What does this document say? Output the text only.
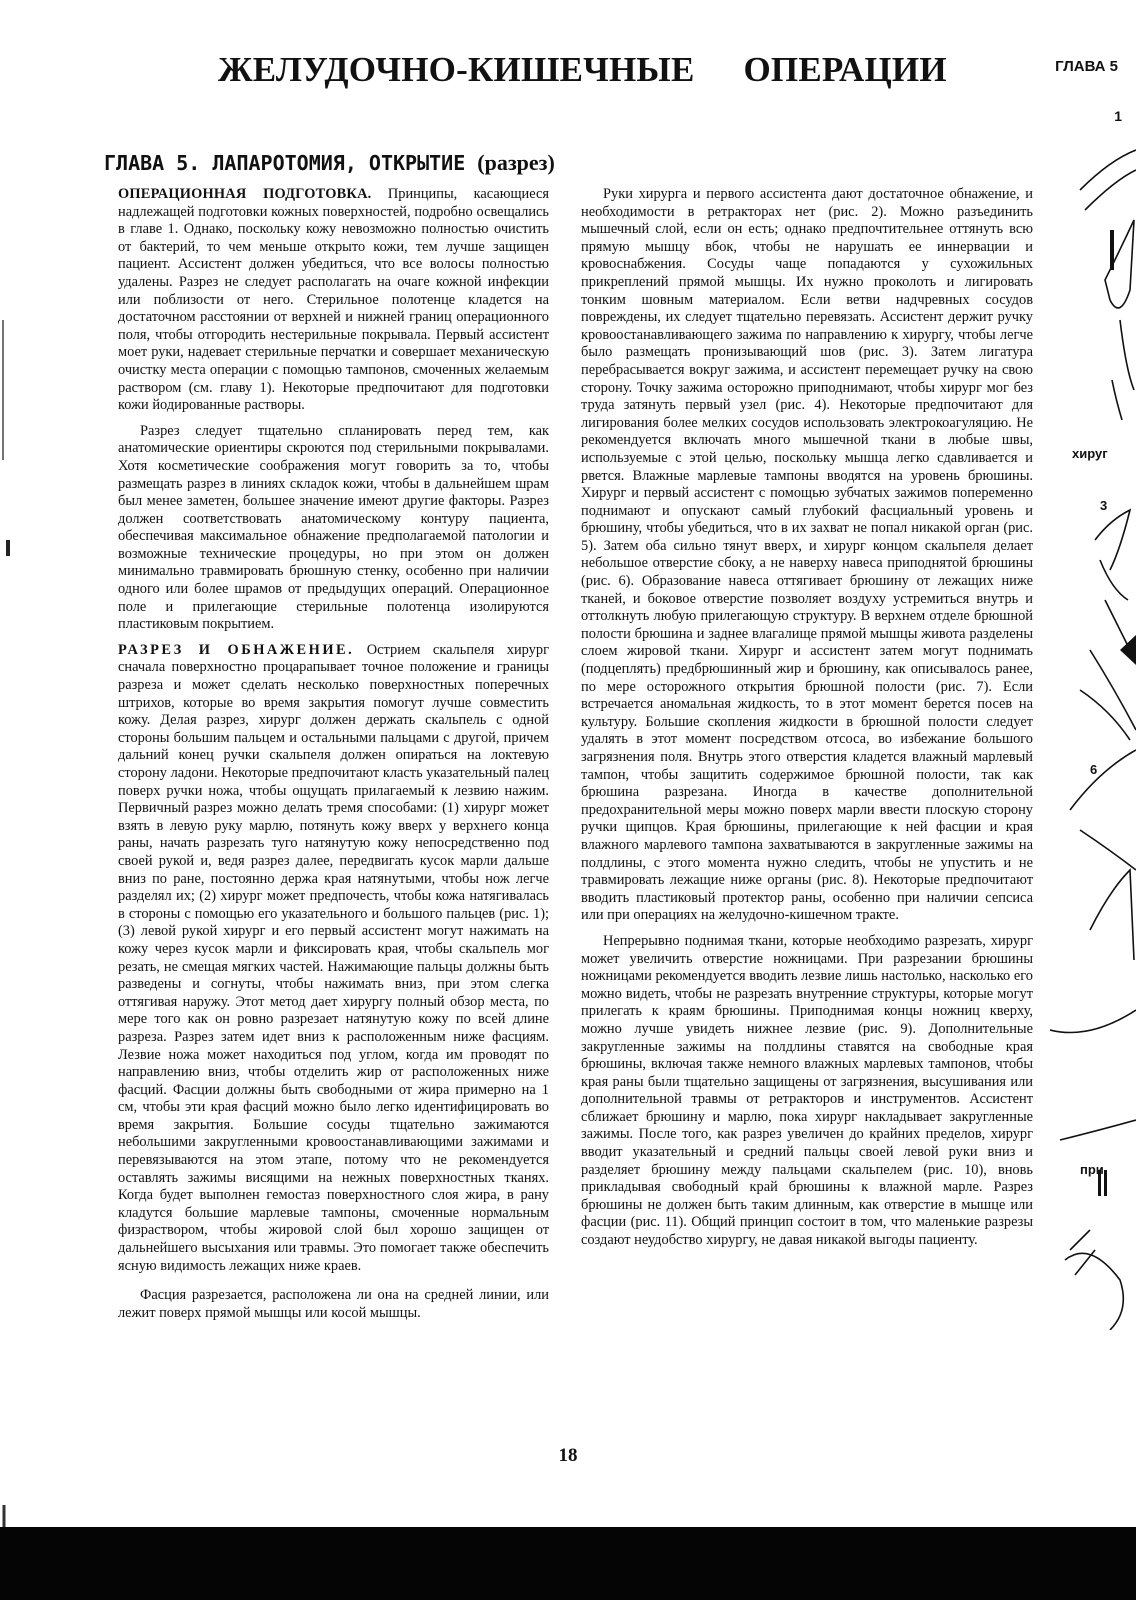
ЖЕЛУДОЧНО-КИШЕЧНЫЕ ОПЕРАЦИИ	ГЛАВА 5
1
ГЛАВА 5. ЛАПАРОТОМИЯ, ОТКРЫТИЕ (разрез)

ОПЕРАЦИОННАЯ ПОДГОТОВКА. Принципы, касающиеся надлежащей подготовки кожных поверхностей, подробно освещались в главе 1. Однако, поскольку кожу невозможно полностью очистить от бактерий, то чем меньше открыто кожи, тем лучше защищен пациент. Ассистент должен убедиться, что все волосы полностью удалены. Разрез не следует располагать на очаге кожной инфекции или поблизости от него. Стерильное полотенце кладется на достаточном расстоянии от верхней и нижней границ операционного поля, чтобы отгородить нестерильные покрывала. Первый ассистент моет руки, надевает стерильные перчатки и совершает механическую очистку места операции с помощью тампонов, смоченных желаемым раствором (см. главу 1). Некоторые предпочитают для подготовки кожи йодированные растворы.

Разрез следует тщательно спланировать перед тем, как анатомические ориентиры скроются под стерильными покрывалами. Хотя косметические соображения могут говорить за то, чтобы размещать разрез в линиях складок кожи, чтобы в дальнейшем шрам был менее заметен, большее значение имеют другие факторы. Разрез должен соответствовать анатомическому контуру пациента, обеспечивая максимальное обнажение предполагаемой патологии и возможные технические процедуры, но при этом он должен минимально травмировать брюшную стенку, особенно при наличии одного или более шрамов от предыдущих операций. Операционное поле и прилегающие стерильные полотенца изолируются пластиковым покрытием.

РАЗРЕЗ И ОБНАЖЕНИЕ. Острием скальпеля хирург сначала поверхностно процарапывает точное положение и границы разреза и может сделать несколько поверхностных поперечных штрихов, которые во время закрытия помогут лучше совместить кожу. Делая разрез, хирург должен держать скальпель с одной стороны большим пальцем и остальными пальцами с другой, причем дальний конец ручки скальпеля должен опираться на локтевую сторону ладони. Некоторые предпочитают класть указательный палец поверх ручки ножа, чтобы ощущать прилагаемый к лезвию нажим. Первичный разрез можно делать тремя способами: (1) хирург может взять в левую руку марлю, потянуть кожу вверх у верхнего конца раны, начать разрезать туго натянутую кожу непосредственно под своей рукой и, ведя разрез далее, передвигать кусок марли дальше вниз по ране, постоянно держа края натянутыми, чтобы нож легче разделял их; (2) хирург может предпочесть, чтобы кожа натягивалась в стороны с помощью его указательного и большого пальцев (рис. 1); (3) левой рукой хирург и его первый ассистент могут нажимать на кожу через кусок марли и фиксировать края, чтобы скальпель мог резать, не смещая мягких частей. Нажимающие пальцы должны быть разведены и согнуты, чтобы нажимать вниз, при этом слегка оттягивая наружу. Этот метод дает хирургу полный обзор места, по мере того как он ровно разрезает натянутую кожу по всей длине разреза. Разрез затем идет вниз к расположенным ниже фасциям. Лезвие ножа может находиться под углом, когда им проводят по направлению вниз, чтобы отделить жир от расположенных ниже фасций. Фасции должны быть свободными от жира примерно на 1 см, чтобы эти края фасций можно было легко идентифицировать во время закрытия. Большие сосуды тщательно зажимаются небольшими закругленными кровоостанавливающими зажимами и перевязываются на этом этапе, потому что не рекомендуется оставлять зажимы висящими на нежных поверхностных тканях. Когда будет выполнен гемостаз поверхностного слоя жира, в рану кладутся большие марлевые тампоны, смоченные нормальным физраствором, чтобы жировой слой был хорошо защищен от дальнейшего высыхания или травмы. Это помогает также обеспечить ясную видимость лежащих ниже краев.

Фасция разрезается, расположена ли она на средней линии, или лежит поверх прямой мышцы или косой мышцы.

Руки хирурга и первого ассистента дают достаточное обнажение, и необходимости в ретракторах нет (рис. 2). Можно разъединить мышечный слой, если он есть; однако предпочтительнее оттянуть всю прямую мышцу вбок, чтобы не нарушать ее иннервации и кровоснабжения. Сосуды чаще попадаются у сухожильных прикреплений прямой мышцы. Их нужно проколоть и лигировать тонким шовным материалом. Если ветви надчревных сосудов повреждены, их следует тщательно перевязать. Ассистент держит ручку кровоостанавливающего зажима по направлению к хирургу, чтобы легче было размещать пронизывающий шов (рис. 3). Затем лигатура перебрасывается вокруг зажима, и ассистент перемещает ручку на свою сторону. Точку зажима осторожно приподнимают, чтобы хирург мог без труда затянуть первый узел (рис. 4). Некоторые предпочитают для лигирования более мелких сосудов использовать электрокоагуляцию. Не рекомендуется включать много мышечной ткани в любые швы, используемые с этой целью, поскольку мышца легко сдавливается и рвется. Влажные марлевые тампоны вводятся на уровень брюшины. Хирург и первый ассистент с помощью зубчатых зажимов попеременно поднимают и опускают самый глубокий фасциальный уровень и брюшину, чтобы убедиться, что в их захват не попал никакой орган (рис. 5). Затем оба сильно тянут вверх, и хирург концом скальпеля делает небольшое отверстие сбоку, а не наверху навеса приподнятой брюшины (рис. 6). Образование навеса оттягивает брюшину от лежащих ниже тканей, и боковое отверстие позволяет воздуху устремиться внутрь и оттолкнуть любую прилегающую структуру. В верхнем отделе брюшной полости брюшина и заднее влагалище прямой мышцы живота разделены слоем жировой ткани. Хирург и ассистент затем могут поднимать (подцеплять) предбрюшинный жир и брюшину, как описывалось ранее, по мере осторожного открытия брюшной полости (рис. 7). Если встречается аномальная жидкость, то в этот момент берется посев на культуру. Большие скопления жидкости в брюшной полости следует удалять в этот момент посредством отсоса, во избежание большого загрязнения поля. Внутрь этого отверстия кладется влажный марлевый тампон, чтобы защитить содержимое брюшной полости, так как брюшина разрезана. Иногда в качестве дополнительной предохранительной меры можно поверх марли ввести плоскую сторону ручки щипцов. Края брюшины, прилегающие к ней фасции и края влажного марлевого тампона захватываются в закругленные зажимы на полдлины, с этого момента нужно следить, чтобы не упустить и не травмировать лежащие ниже органы (рис. 8). Некоторые предпочитают вводить пластиковый протектор раны, особенно при наличии сепсиса или при операциях на желудочно-кишечном тракте.

Непрерывно поднимая ткани, которые необходимо разрезать, хирург может увеличить отверстие ножницами. При разрезании брюшины ножницами рекомендуется вводить лезвие лишь настолько, насколько его можно видеть, чтобы не разрезать внутренние структуры, которые могут прилегать к краям брюшины. Приподнимая концы ножниц кверху, можно лучше увидеть нижнее лезвие (рис. 9). Дополнительные закругленные зажимы на полдлины ставятся на свободные края брюшины, включая также немного влажных марлевых тампонов, чтобы края раны были тщательно защищены от загрязнения, высушивания или дополнительной травмы от ретракторов и инструментов. Ассистент сближает брюшину и марлю, пока хирург накладывает закругленные зажимы. После того, как разрез увеличен до крайних пределов, хирург вводит указательный и средний пальцы своей левой руки вниз и разделяет брюшину между пальцами скальпелем (рис. 10), вновь прикладывая свободный край брюшины к влажной марле. Разрез брюшины не должен быть таким длинным, как отверстие в мышце или фасции (рис. 11). Общий принцип состоит в том, что маленькие разрезы создают неудобство хирургу, не давая никакой выгоды пациенту.

хируг
3
6
при
18
